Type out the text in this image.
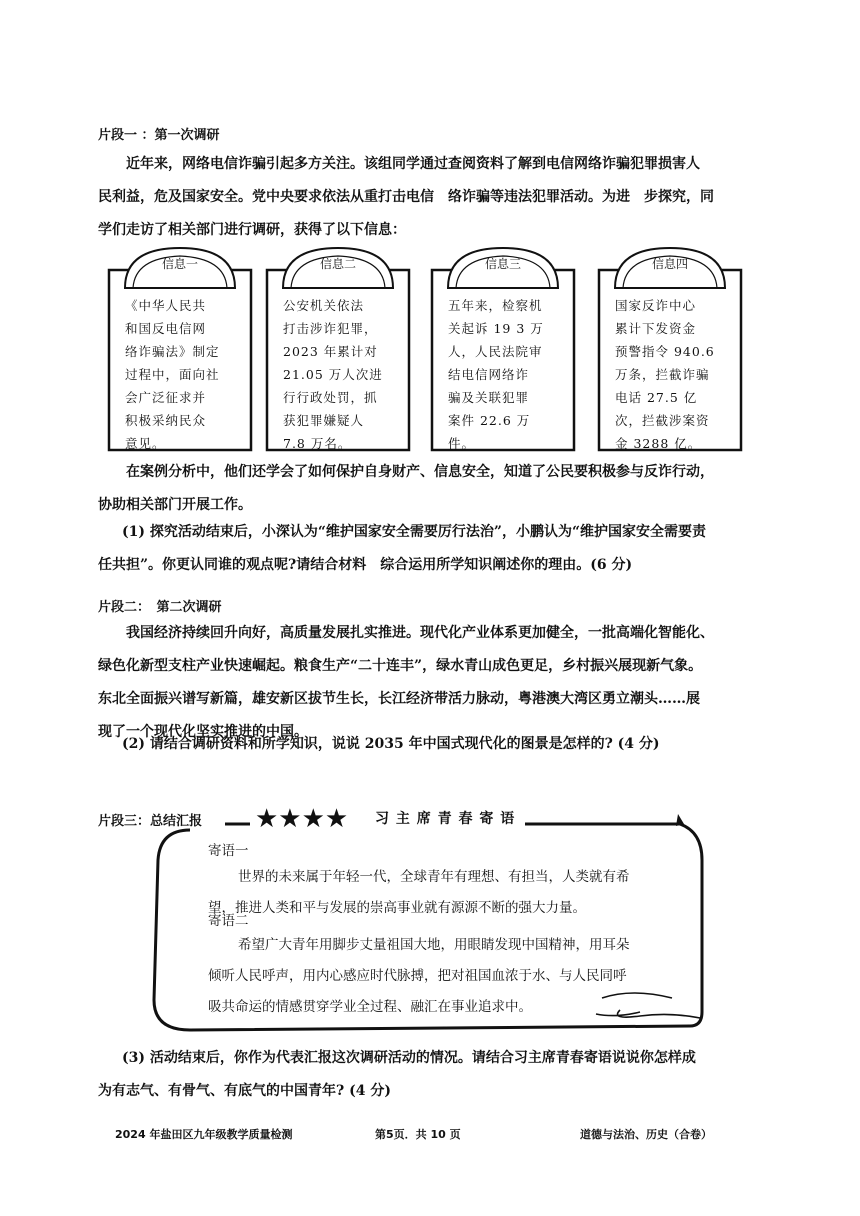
片段一 ：第一次调研
近年来，网络电信诈骗引起多方关注。该组同学通过查阅资料了解到电信网络诈骗犯罪损害人
民利益，危及国家安全。党中央要求依法从重打击电信　络诈骗等违法犯罪活动。为进　步探究，同
学们走访了相关部门进行调研，获得了以下信息：
信息一
《中华人民共
和国反电信网
络诈骗法》制定
过程中，面向社
会广泛征求并
积极采纳民众
意见。
信息二
公安机关依法
打击涉诈犯罪，
2023 年累计对
21.05 万人次进
行行政处罚，抓
获犯罪嫌疑人
7.8 万名。
信息三
五年来，检察机
关起诉 19 3 万
人，人民法院审
结电信网络诈
骗及关联犯罪
案件 22.6 万
件。
信息四
国家反诈中心
累计下发资金
预警指令 940.6
万条，拦截诈骗
电话 27.5 亿
次，拦截涉案资
金 3288 亿。
在案例分析中，他们还学会了如何保护自身财产、信息安全，知道了公民要积极参与反诈行动，
协助相关部门开展工作。
(1) 探究活动结束后，小深认为“维护国家安全需要厉行法治”，小鹏认为“维护国家安全需要责
任共担”。你更认同谁的观点呢?请结合材料　综合运用所学知识阐述你的理由。(6 分)
片段二：　第二次调研
我国经济持续回升向好，高质量发展扎实推进。现代化产业体系更加健全，一批高端化智能化、
绿色化新型支柱产业快速崛起。粮食生产“二十连丰”，绿水青山成色更足，乡村振兴展现新气象。
东北全面振兴谱写新篇，雄安新区拔节生长，长江经济带活力脉动，粤港澳大湾区勇立潮头……展
现了一个现代化坚实推进的中国。
(2) 请结合调研资料和所学知识，说说 2035 年中国式现代化的图景是怎样的? (4 分)
片段三：总结汇报 ★★★★ 习 主 席 青 春 寄 语
寄语一
世界的未来属于年轻一代，全球青年有理想、有担当，人类就有希
望，推进人类和平与发展的崇高事业就有源源不断的强大力量。
寄语二
希望广大青年用脚步丈量祖国大地，用眼睛发现中国精神，用耳朵
倾听人民呼声，用内心感应时代脉搏，把对祖国血浓于水、与人民同呼
吸共命运的情感贯穿学业全过程、融汇在事业追求中。
(3) 活动结束后，你作为代表汇报这次调研活动的情况。请结合习主席青春寄语说说你怎样成
为有志气、有骨气、有底气的中国青年? (4 分)
2024 年盐田区九年级教学质量检测	第5页．共 10 页	道德与法治、历史（合卷）
